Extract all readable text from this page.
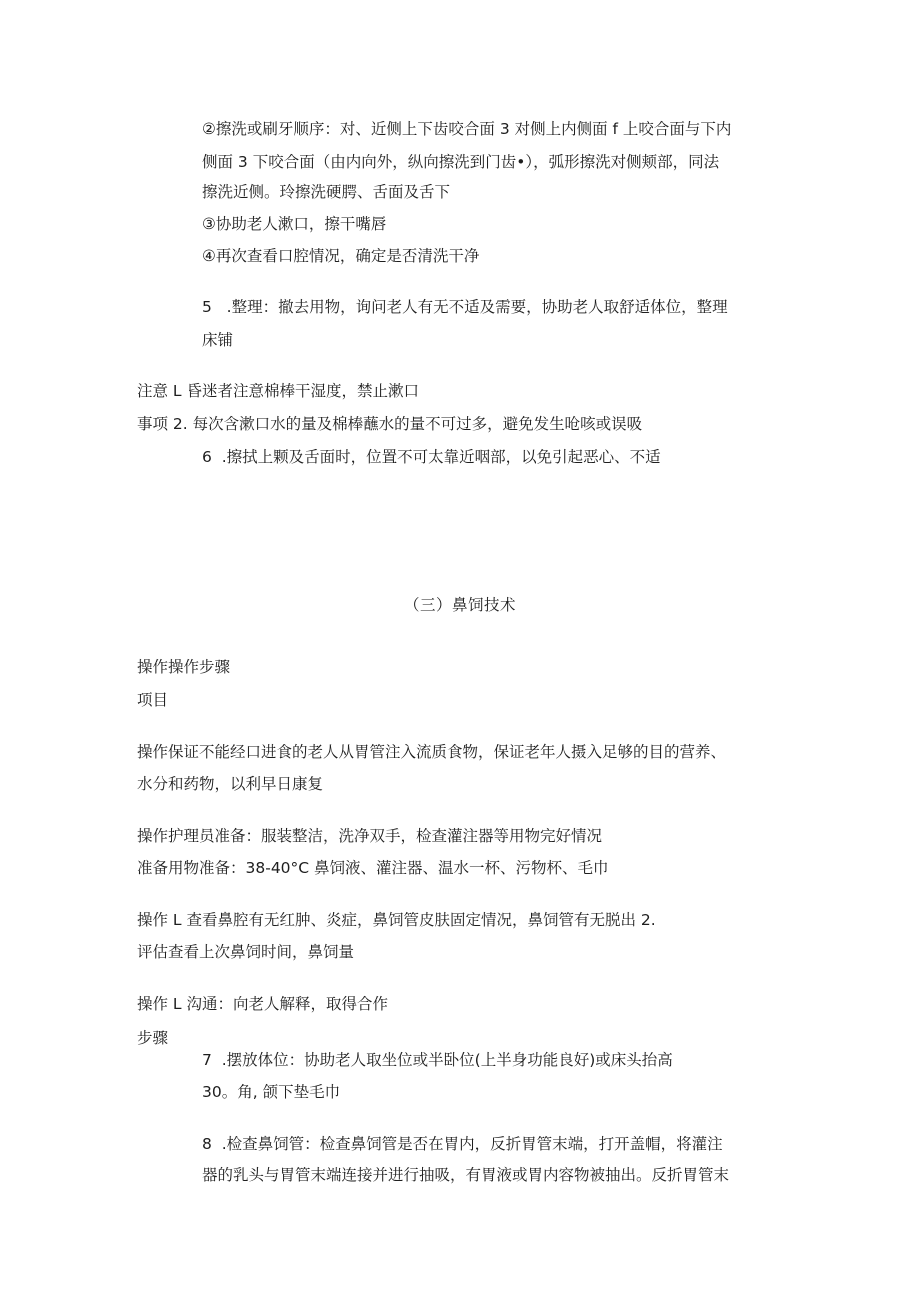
②擦洗或刷牙顺序：对、近侧上下齿咬合面 3 对侧上内侧面 f 上咬合面与下内
侧面 3 下咬合面（由内向外，纵向擦洗到门齿•），弧形擦洗对侧颊部，同法
擦洗近侧。玲擦洗硬腭、舌面及舌下
③协助老人漱口，擦干嘴唇
④再次查看口腔情况，确定是否清洗干净
5   .整理：撤去用物，询问老人有无不适及需要，协助老人取舒适体位，整理
床铺
注意 L 昏迷者注意棉棒干湿度，禁止漱口
事项 2. 每次含漱口水的量及棉棒蘸水的量不可过多，避免发生呛咳或误吸
6  .擦拭上颗及舌面时，位置不可太靠近咽部，以免引起恶心、不适
（三）鼻饲技术
操作操作步骤
项目
操作保证不能经口进食的老人从胃管注入流质食物，保证老年人摄入足够的目的营养、
水分和药物，以利早日康复
操作护理员准备：服装整洁，洗净双手，检查灌注器等用物完好情况
准备用物准备：38-40°C 鼻饲液、灌注器、温水一杯、污物杯、毛巾
操作 L 查看鼻腔有无红肿、炎症，鼻饲管皮肤固定情况，鼻饲管有无脱出 2.
评估查看上次鼻饲时间，鼻饲量
操作 L 沟通：向老人解释，取得合作
步骤
7  .摆放体位：协助老人取坐位或半卧位(上半身功能良好)或床头抬高
30。角, 颌下垫毛巾
8  .检查鼻饲管：检查鼻饲管是否在胃内，反折胃管末端，打开盖帽，将灌注
器的乳头与胃管末端连接并进行抽吸，有胃液或胃内容物被抽出。反折胃管末
